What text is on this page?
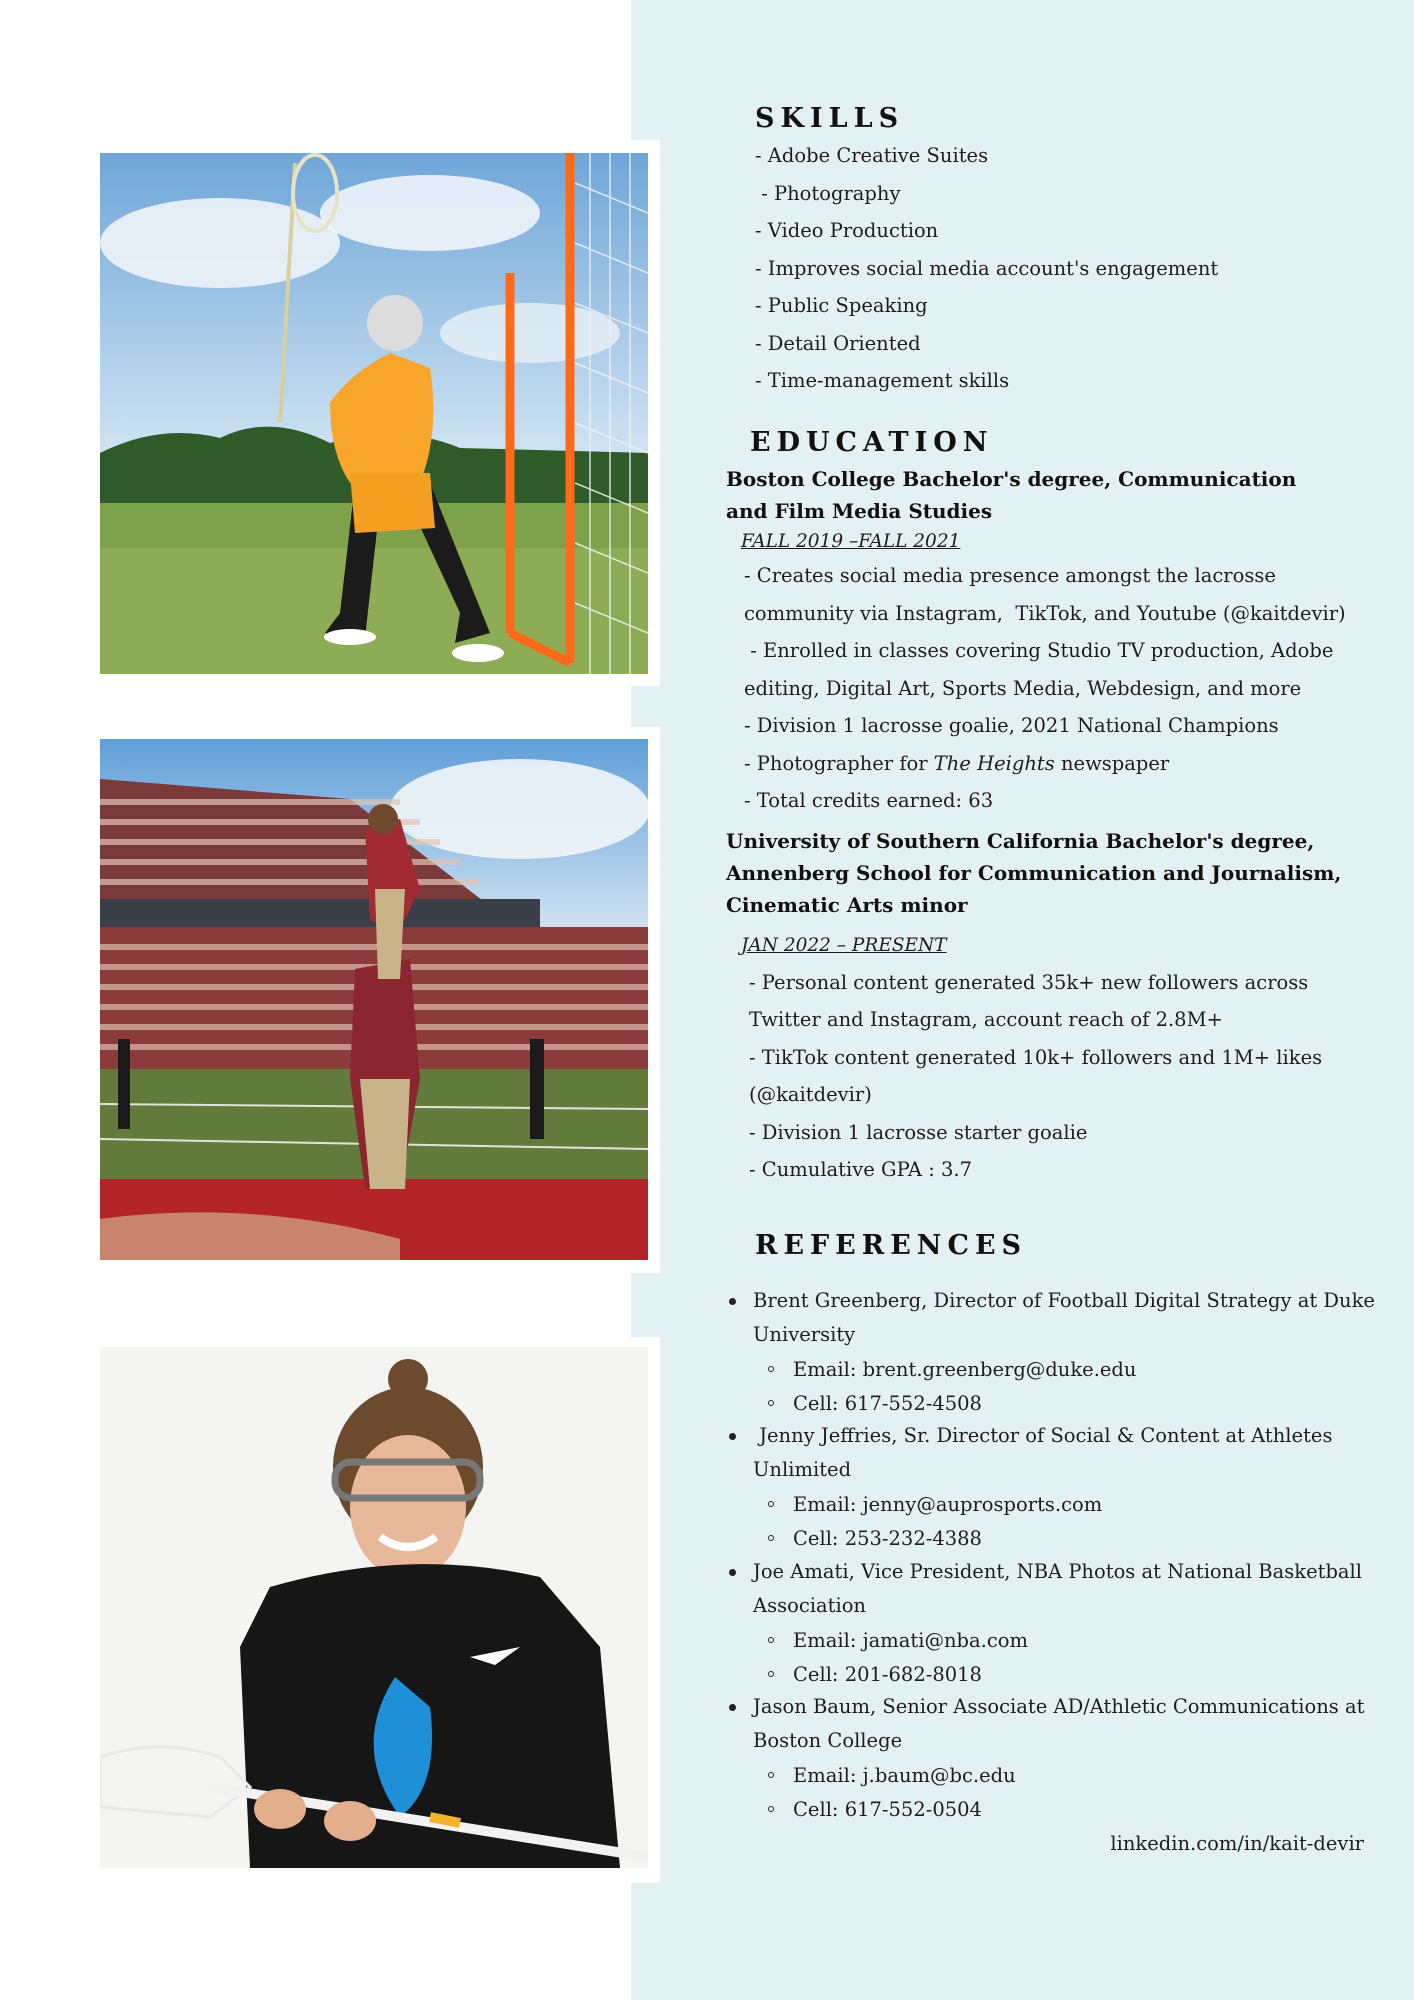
SKILLS

- Adobe Creative Suites

- Photography

- Video Production

- Improves social media account's engagement

- Public Speaking

- Detail Oriented

- Time-management skills

EDUCATION

Boston College Bachelor's degree, Communication
and Film Media Studies

FALL 2019 –FALL 2021

- Creates social media presence amongst the lacrosse

community via Instagram,  TikTok, and Youtube (@kaitdevir)

- Enrolled in classes covering Studio TV production, Adobe

editing, Digital Art, Sports Media, Webdesign, and more

- Division 1 lacrosse goalie, 2021 National Champions

- Photographer for The Heights newspaper

- Total credits earned: 63

University of Southern California Bachelor's degree,
Annenberg School for Communication and Journalism,
Cinematic Arts minor

JAN 2022 – PRESENT

- Personal content generated 35k+ new followers across

Twitter and Instagram, account reach of 2.8M+

- TikTok content generated 10k+ followers and 1M+ likes

(@kaitdevir)

- Division 1 lacrosse starter goalie

- Cumulative GPA : 3.7

REFERENCES

Brent Greenberg, Director of Football Digital Strategy at Duke
University

Email: brent.greenberg@duke.edu

Cell: 617-552-4508

Jenny Jeffries, Sr. Director of Social & Content at Athletes
Unlimited

Email: jenny@auprosports.com

Cell: 253-232-4388

Joe Amati, Vice President, NBA Photos at National Basketball
Association

Email: jamati@nba.com

Cell: 201-682-8018

Jason Baum, Senior Associate AD/Athletic Communications at
Boston College

Email: j.baum@bc.edu

Cell: 617-552-0504

linkedin.com/in/kait-devir
